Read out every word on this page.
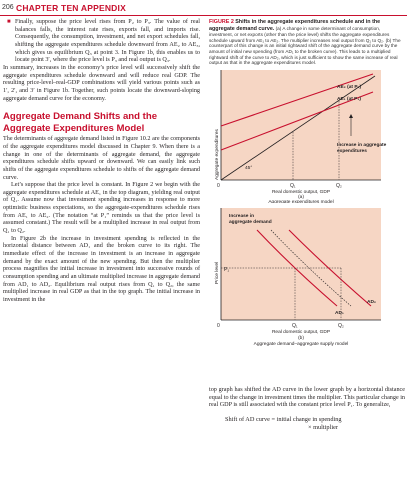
206 CHAPTER TEN APPENDIX
■ Finally, suppose the price level rises from P₂ to P₃. The value of real balances falls, the interest rate rises, exports fall, and imports rise. Consequently, the consumption, investment, and net export schedules fall, shifting the aggregate expenditures schedule downward from AE₂ to AE₃, which gives us equilibrium Q₃ at point 3. In Figure 1b, this enables us to locate point 3′, where the price level is P₃ and real output is Q₃.

In summary, increases in the economy’s price level will successively shift the aggregate expenditures schedule downward and will reduce real GDP. The resulting price-level–real-GDP combinations will yield various points such as 1′, 2′, and 3′ in Figure 1b. Together, such points locate the downward-sloping aggregate demand curve for the economy.

Aggregate Demand Shifts and the Aggregate Expenditures Model

The determinants of aggregate demand listed in Figure 10.2 are the components of the aggregate expenditures model discussed in Chapter 9. When there is a change in one of the determinants of aggregate demand, the aggregate expenditures schedule shifts upward or downward. We can easily link such shifts of the aggregate expenditures schedule to shifts of the aggregate demand curve.

Let’s suppose that the price level is constant. In Figure 2 we begin with the aggregate expenditures schedule at AE₁ in the top diagram, yielding real output of Q₁. Assume now that investment spending increases in response to more optimistic business expectations, so the aggregate-expenditures schedule rises from AE₁ to AE₂. (The notation “at P₁” reminds us that the price level is assumed constant.) The result will be a multiplied increase in real output from Q₁ to Q₂.

In Figure 2b the increase in investment spending is reflected in the horizontal distance between AD₁ and the broken curve to its right. The immediate effect of the increase in investment is an increase in aggregate demand by the exact amount of the new spending. But then the multiplier process magnifies the initial increase in investment into successive rounds of consumption spending and an ultimate multiplied increase in aggregate demand from AD₁ to AD₂. Equilibrium real output rises from Q₁ to Q₂, the same multiplied increase in real GDP as that in the top graph. The initial increase in investment in the

FIGURE 2 Shifts in the aggregate expenditures schedule and in the aggregate demand curve. (a) A change in some determinant of consumption, investment, or net exports (other than the price level) shifts the aggregate expenditures schedule upward from AE₁ to AE₂. The multiplier increases real output from Q₁ to Q₂. (b) The counterpart of this change is an initial rightward shift of the aggregate demand curve by the amount of initial new spending (from AD₁ to the broken curve). This leads to a multiplied rightward shift of the curve to AD₂, which is just sufficient to show the same increase of real output as that in the aggregate expenditures model.
Aggregate expenditures	45°
AE₂ (at P₁)
AE₁ (at P₁)
Increase in aggregate expenditures
0	Q₁	Q₂
Real domestic output, GDP
(a)
Aggregate expenditures model
Price level
Increase in aggregate demand
P₁
AD₂
AD₁
0	Q₁	Q₂
Real domestic output, GDP
(b)
Aggregate demand–aggregate supply model

top graph has shifted the AD curve in the lower graph by a horizontal distance equal to the change in investment times the multiplier. This particular change in real GDP is still associated with the constant price level P₁. To generalize,

Shift of AD curve = initial change in spending
× multiplier
